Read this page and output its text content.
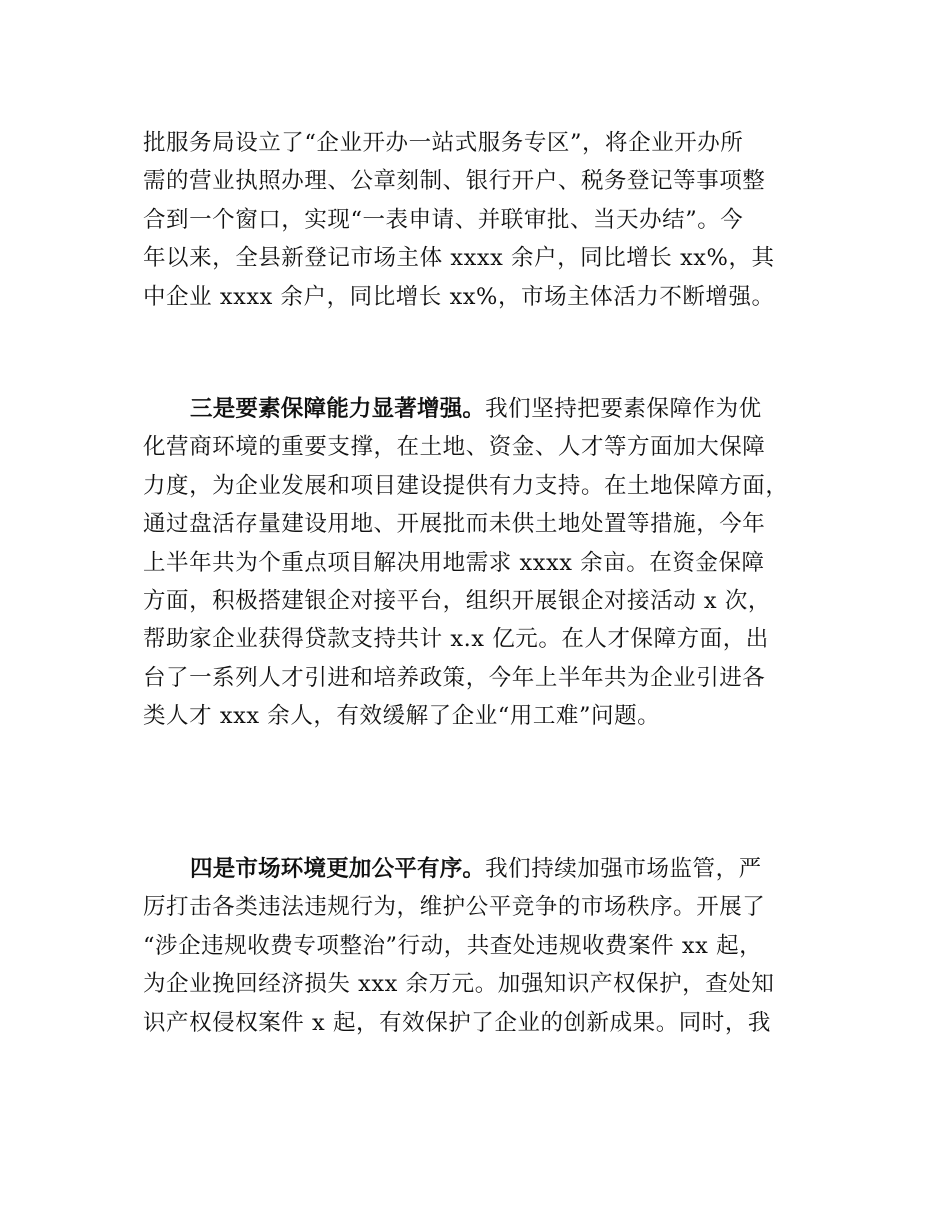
批服务局设立了“企业开办一站式服务专区”，将企业开办所
需的营业执照办理、公章刻制、银行开户、税务登记等事项整
合到一个窗口，实现“一表申请、并联审批、当天办结”。今
年以来，全县新登记市场主体 xxxx 余户，同比增长 xx%，其
中企业 xxxx 余户，同比增长 xx%，市场主体活力不断增强。
三是要素保障能力显著增强。我们坚持把要素保障作为优
化营商环境的重要支撑，在土地、资金、人才等方面加大保障
力度，为企业发展和项目建设提供有力支持。在土地保障方面，
通过盘活存量建设用地、开展批而未供土地处置等措施，今年
上半年共为个重点项目解决用地需求 xxxx 余亩。在资金保障
方面，积极搭建银企对接平台，组织开展银企对接活动 x 次，
帮助家企业获得贷款支持共计 x.x 亿元。在人才保障方面，出
台了一系列人才引进和培养政策，今年上半年共为企业引进各
类人才 xxx 余人，有效缓解了企业“用工难”问题。
四是市场环境更加公平有序。我们持续加强市场监管，严
厉打击各类违法违规行为，维护公平竞争的市场秩序。开展了
“涉企违规收费专项整治”行动，共查处违规收费案件 xx 起，
为企业挽回经济损失 xxx 余万元。加强知识产权保护，查处知
识产权侵权案件 x 起，有效保护了企业的创新成果。同时，我
